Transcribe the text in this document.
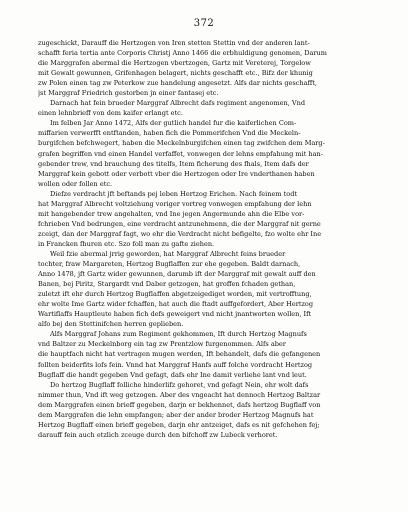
372
zugeschickt, Darauff die Hertzogen von Iren stetten Stettin vnd der anderen lant-
schafft feria tertia ante Corporis Christj Anno 1466 die erbhuldigung genomen, Darum
die Marggrafen abermal die Hertzogen vbertzogen, Gartz mit Vereterej, Torgelow
mit Gewalt gewunnen, Grifenhagen belagert, nichts geschafft etc., Bifz der khunig
zw Polen einen tag zw Peterkow zue handelung angesetzt. Alfs dar nichts geschafft,
jst Marggraf Friedrich gestorben jn einer fantasej etc.
Darnach hat fein brueder Marggraf Albrecht dafs regiment angenomen, Vnd
einen lehnbrieff von dem kaifer erlangt etc.
Im felben Jar Anno 1472, Alfs der gutlich handel fur die kaiferlichen Com-
miffarien verwerfft entftanden, haben fich die Pommerifchen Vnd die Meckeln-
burgifchen befchwegert, haben die Meckelnburgifchen einen tag zwifchen dem Marg-
grafen begriffen vnd einen Handel verfaffet, vonwegen der lehns empfahung mit han-
gebender trew, vnd brauchung des titelfs, Item ficherung des fhals, Item dafs der
Marggraf kein gebott oder verbott vber die Hertzogen oder Ire vnderthanen haben
wollen oder follen etc.
Diefze verdracht jft beftands pej leben Hertzog Erichen. Nach feinem todt
hat Marggraf Albrecht voltziehung voriger vortreg vonwegen empfahung der lehn
mit hangebender trew angehalten, vnd Ine jegen Angermunde ahn die Elbe vor-
fchrieben Vnd bedrungen, eine verdracht antzunehmenn, die der Marggraf nit gerne
zceigt, dan der Marggraf fagt, wo ehr die Verdracht nicht befigelte, fzo wolte ehr Ine
in Francken fhuren etc. Szo foll man zu gafte ziehen.
Weil fzie abermal jrrig geworden, hat Marggraf Albrecht feins brueder
tochter, fraw Margareten, Hertzog Bugflaffen zur ehe gegeben. Baldt darnach,
Anno 1478, jft Gartz wider gewunnen, darumb ift der Marggraf mit gewalt auff den
Banen, bej Piritz, Stargardt vnd Daber getzogen, hat groffen fchaden gethan,
zuletzt ift ehr durch Hertzog Bugflaffen abgetzeigediget worden, mit vertrofftung,
ehr wolte Ime Gartz wider fchaffen, hat auch die ftadt auffgefordert, Aber Hertzog
Wartiflaffs Hauptleute haben fich defs geweigert vnd nicht jnantworten wollen, Ift
alfo bej den Stettinifchen herren geplieben.
Alfs Marggraf Johans zum Regiment gekhommen, Ift durch Hertzog Magnufs
vnd Baltzer zu Meckelnborg ein tag zw Prentzlow furgenommen. Alfs aber
die hauptfach nicht hat vertragen mugen werden, Ift behandelt, dafs die gefangenen
follten beiderfits lofs fein. Vnnd hat Marggraf Hanfs auff folche vordracht Hertzog
Bugflaff die handt gegeben Vnd gefagt, dafs ehr Ine damit verliehe lant vnd leut.
Do hertzog Bugflaff folliche hinderlifz gehoret, vnd gefagt Nein, ehr wolt dafs
nimmer thun, Vnd ift weg getzogen. Aber des vngeacht hat dennoch Hertzog Baltzar
dem Marggrafen einen brieff gegeben, darjn er bekhennet, dafs hertzog Bugflaff von
dem Marggrafen die lehn empfangen; aber der ander broder Hertzog Magnufs hat
Hertzog Bugflaff einen brieff gegeben, darjn ehr antzeiget, dafs es nit gefchehen fej;
darauff fein auch etzlich zceuge durch den bifchoff zw Lubeck verhoret.
